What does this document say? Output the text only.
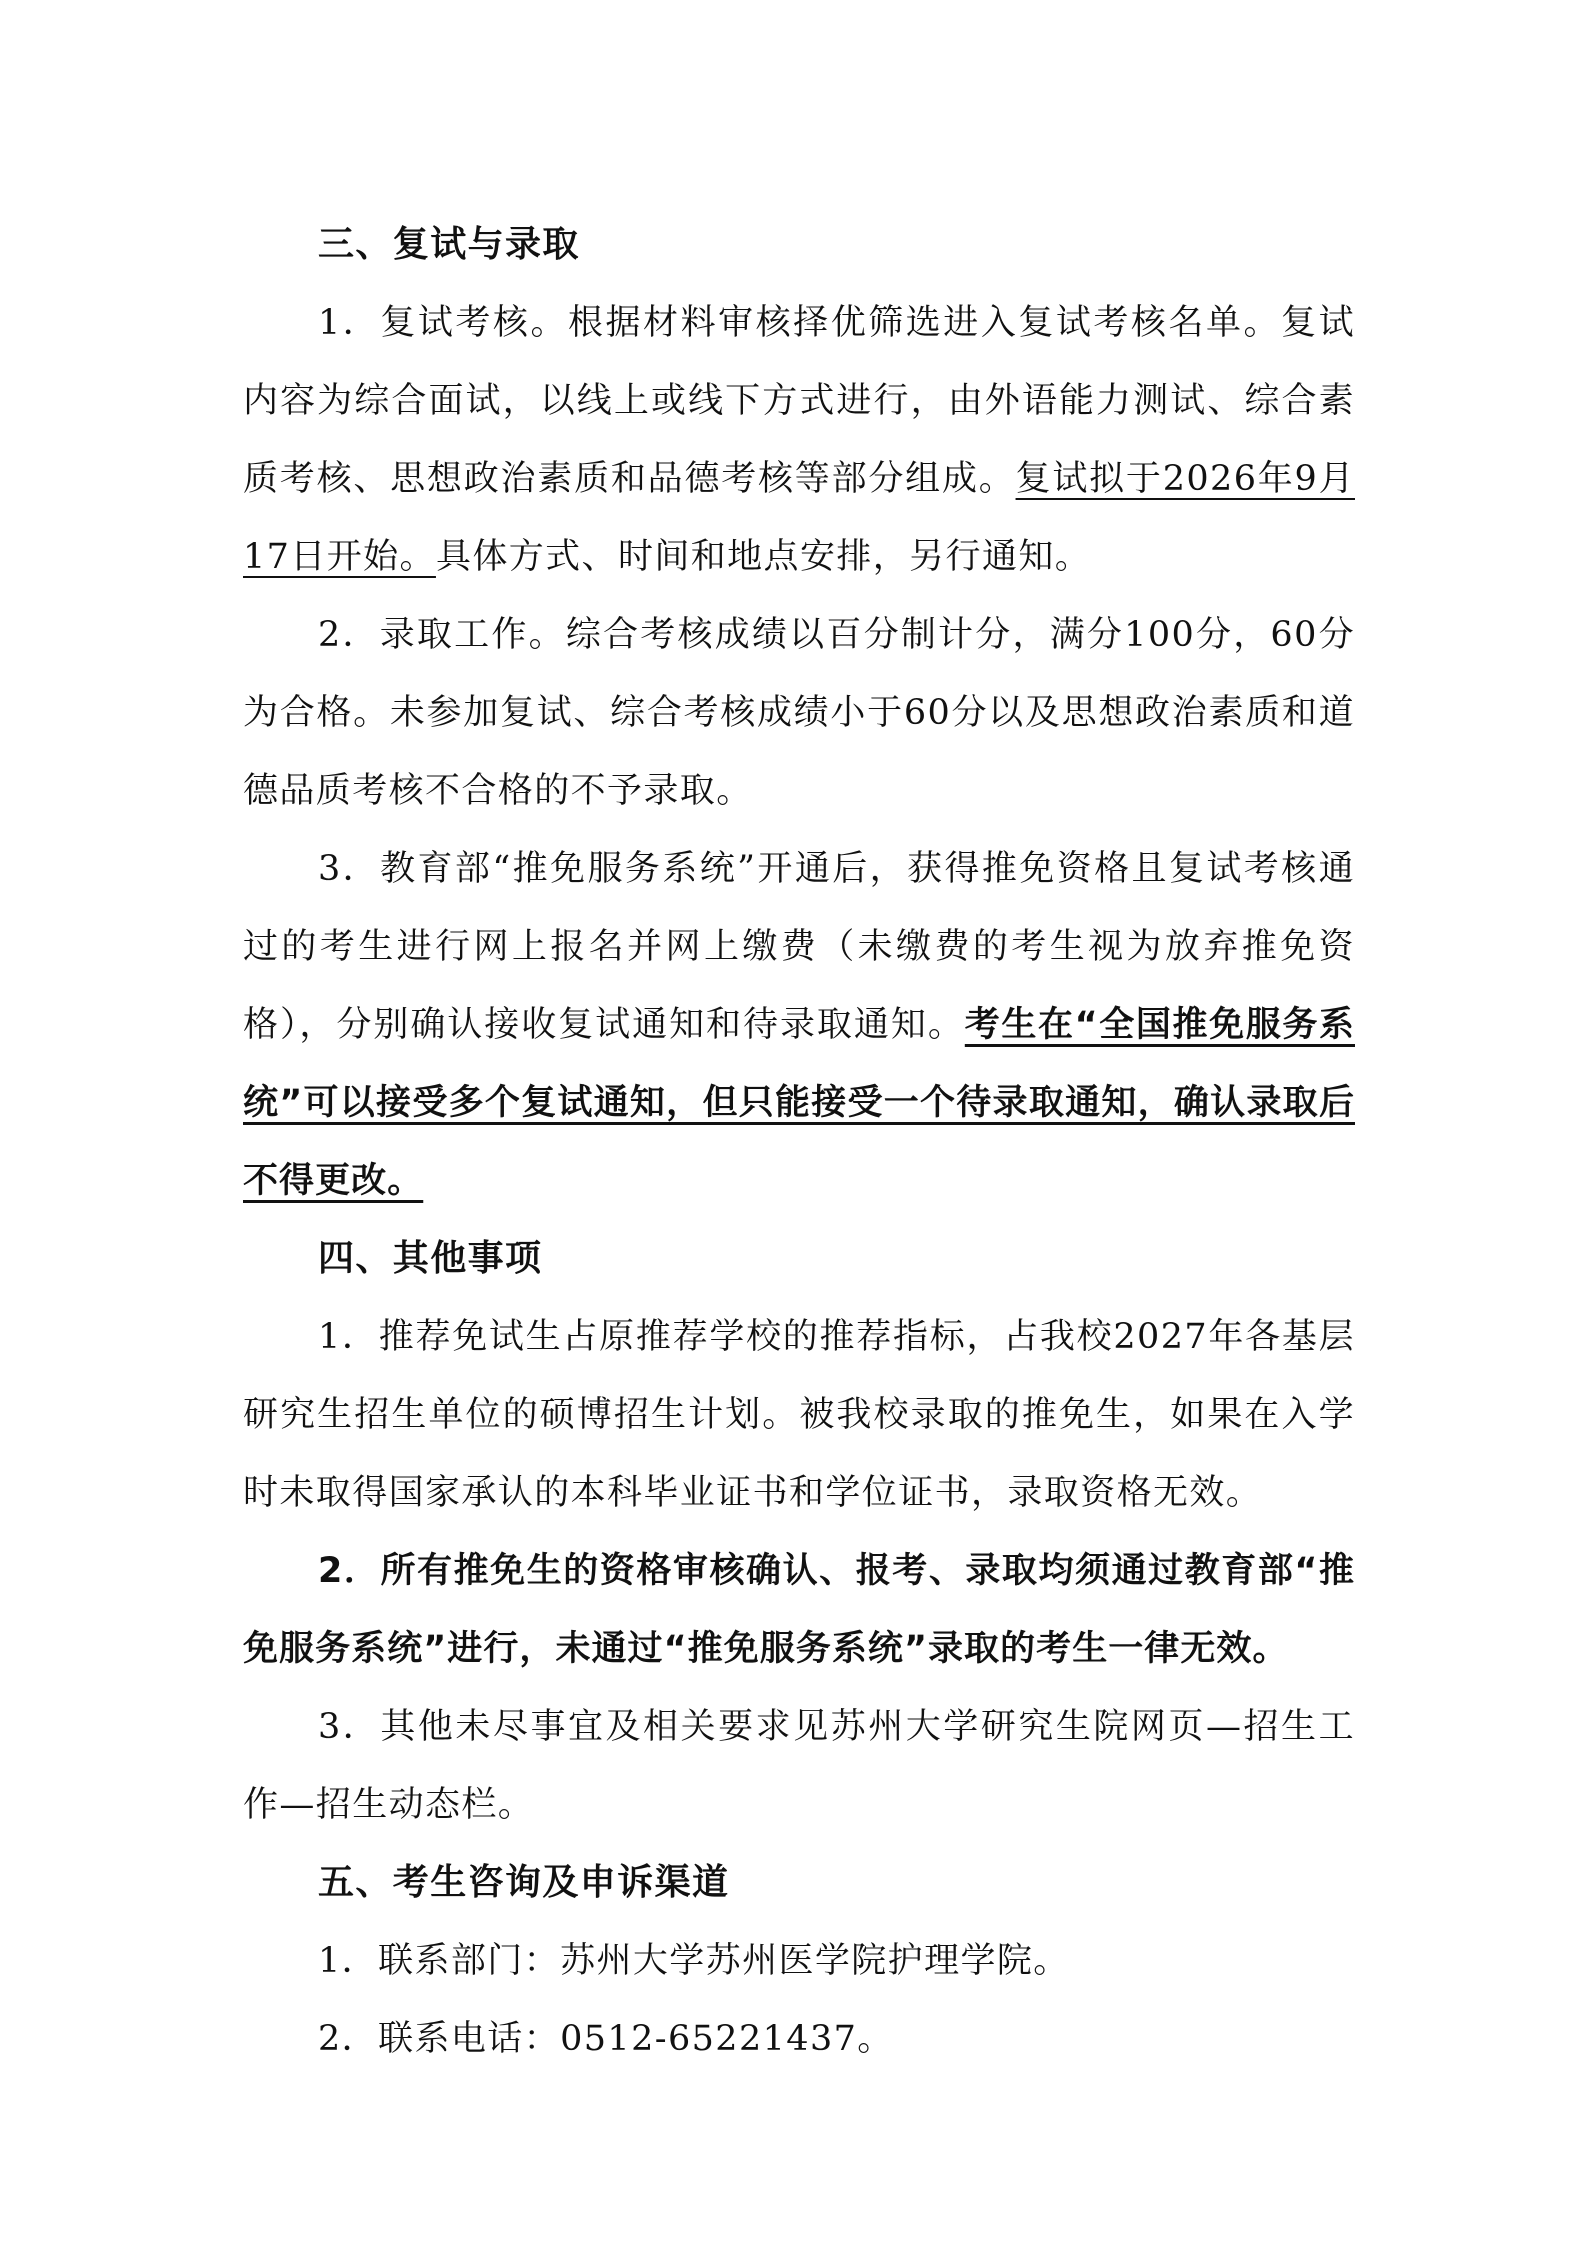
三、复试与录取

1．复试考核。根据材料审核择优筛选进入复试考核名单。复试内容为综合面试，以线上或线下方式进行，由外语能力测试、综合素质考核、思想政治素质和品德考核等部分组成。复试拟于2026年9月17日开始。具体方式、时间和地点安排，另行通知。

2．录取工作。综合考核成绩以百分制计分，满分100分，60分为合格。未参加复试、综合考核成绩小于60分以及思想政治素质和道德品质考核不合格的不予录取。

3．教育部“推免服务系统”开通后，获得推免资格且复试考核通过的考生进行网上报名并网上缴费（未缴费的考生视为放弃推免资格），分别确认接收复试通知和待录取通知。考生在“全国推免服务系统”可以接受多个复试通知，但只能接受一个待录取通知，确认录取后不得更改。

四、其他事项

1．推荐免试生占原推荐学校的推荐指标，占我校2027年各基层研究生招生单位的硕博招生计划。被我校录取的推免生，如果在入学时未取得国家承认的本科毕业证书和学位证书，录取资格无效。

2．所有推免生的资格审核确认、报考、录取均须通过教育部“推免服务系统”进行，未通过“推免服务系统”录取的考生一律无效。

3．其他未尽事宜及相关要求见苏州大学研究生院网页—招生工作—招生动态栏。

五、考生咨询及申诉渠道

1．联系部门：苏州大学苏州医学院护理学院。

2．联系电话：0512-65221437。
